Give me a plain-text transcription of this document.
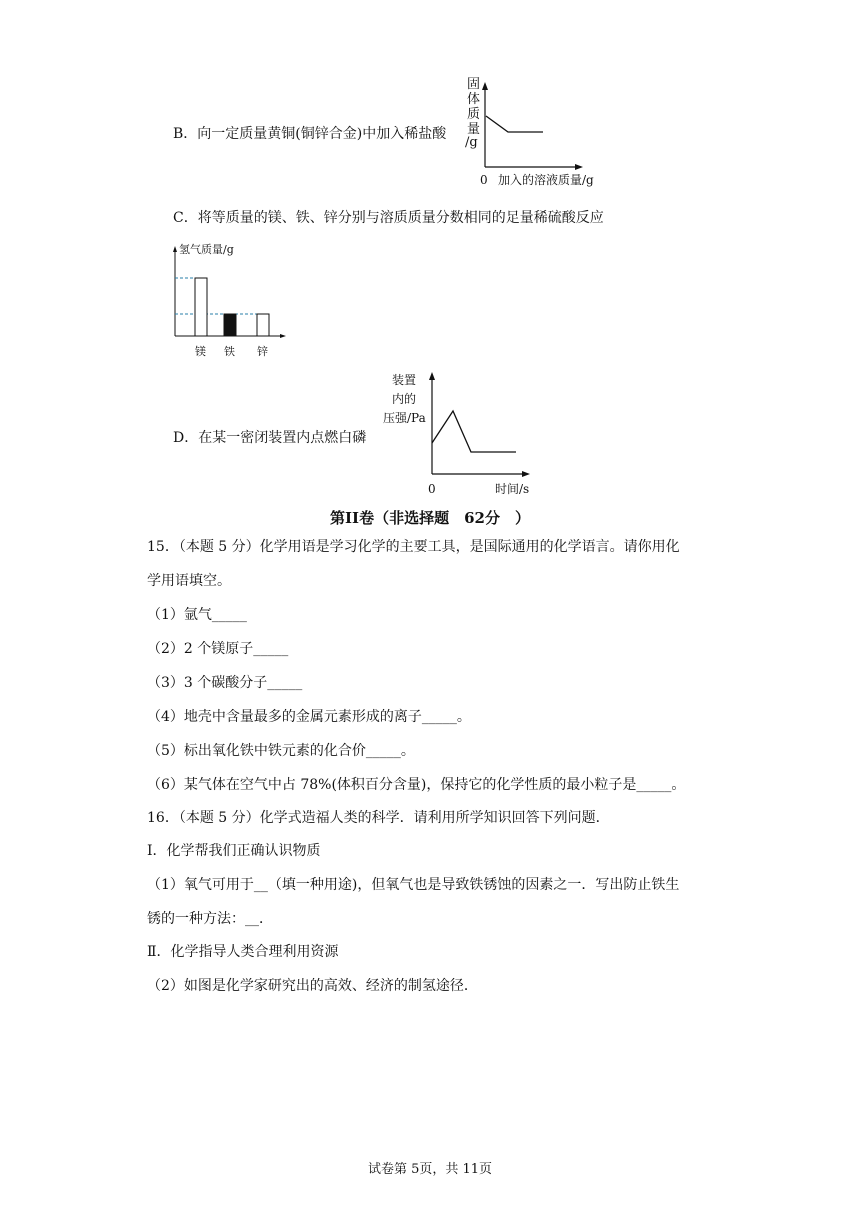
B．向一定质量黄铜(铜锌合金)中加入稀盐酸
固
体
质
量
/g
0 加入的溶液质量/g
C．将等质量的镁、铁、锌分别与溶质质量分数相同的足量稀硫酸反应
氢气质量/g
镁 铁 锌
D．在某一密闭装置内点燃白磷
装置
内的
压强/Pa
0	时间/s
第II卷（非选择题　62分　）
15．（本题 5 分）化学用语是学习化学的主要工具，是国际通用的化学语言。请你用化
学用语填空。
（1）氩气_____
（2）2 个镁原子_____
（3）3 个碳酸分子_____
（4）地壳中含量最多的金属元素形成的离子_____。
（5）标出氧化铁中铁元素的化合价_____。
（6）某气体在空气中占 78%(体积百分含量)，保持它的化学性质的最小粒子是_____。
16．（本题 5 分）化学式造福人类的科学．请利用所学知识回答下列问题．
Ⅰ．化学帮我们正确认识物质
（1）氧气可用于__（填一种用途)，但氧气也是导致铁锈蚀的因素之一．写出防止铁生
锈的一种方法：__．
Ⅱ．化学指导人类合理利用资源
（2）如图是化学家研究出的高效、经济的制氢途径．
试卷第 5页，共 11页
